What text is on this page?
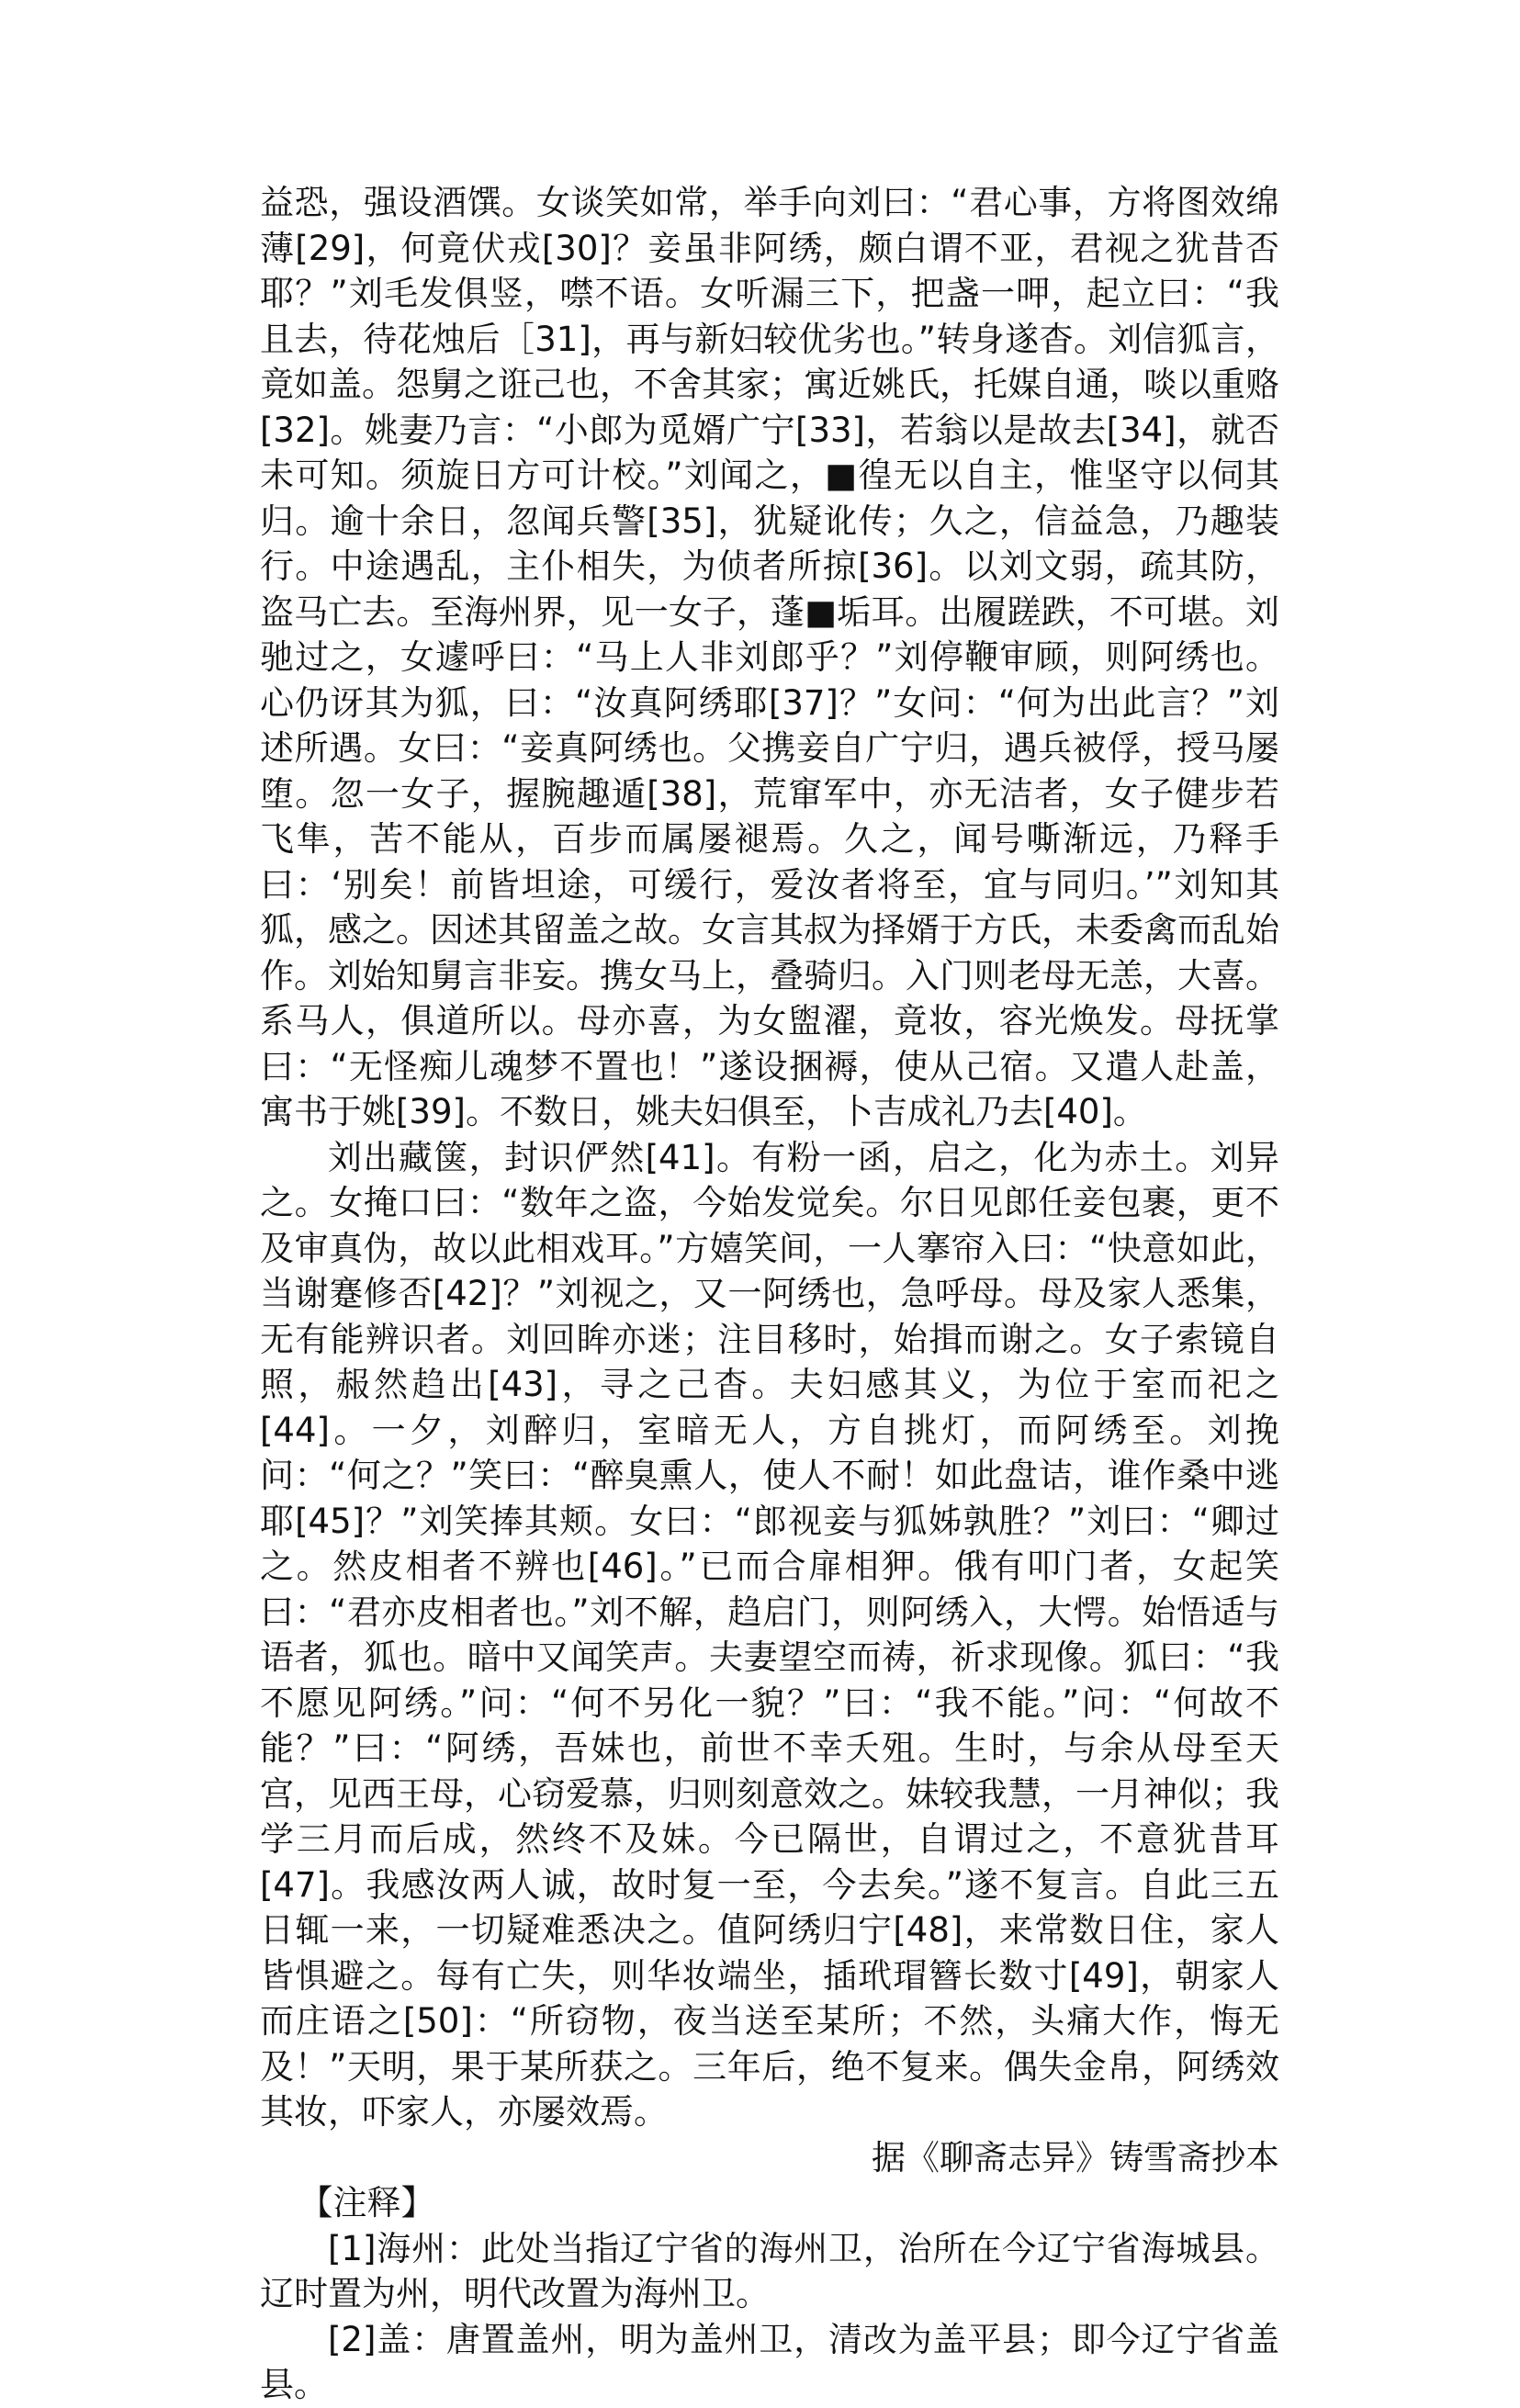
益恐，强设酒馔。女谈笑如常，举手向刘曰：“君心事，方将图效绵薄[29]，何竟伏戎[30]？妾虽非阿绣，颇白谓不亚，君视之犹昔否耶？”刘毛发俱竖，噤不语。女听漏三下，把盏一呷，起立曰：“我且去，待花烛后［31]，再与新妇较优劣也。”转身遂杳。刘信狐言，竟如盖。怨舅之诳己也，不舍其家；寓近姚氏，托媒自通，啖以重赂[32]。姚妻乃言：“小郎为觅婿广宁[33]，若翁以是故去[34]，就否未可知。须旋日方可计校。”刘闻之，■徨无以自主，惟坚守以伺其归。逾十余日，忽闻兵警[35]，犹疑讹传；久之，信益急，乃趣装行。中途遇乱，主仆相失，为侦者所掠[36]。以刘文弱，疏其防，盗马亡去。至海州界，见一女子，蓬■垢耳。出履蹉跌，不可堪。刘驰过之，女遽呼曰：“马上人非刘郎乎？”刘停鞭审顾，则阿绣也。心仍讶其为狐，曰：“汝真阿绣耶[37]？”女问：“何为出此言？”刘述所遇。女曰：“妾真阿绣也。父携妾自广宁归，遇兵被俘，授马屡堕。忽一女子，握腕趣遁[38]，荒窜军中，亦无洁者，女子健步若飞隼，苦不能从，百步而属屡褪焉。久之，闻号嘶渐远，乃释手曰：‘别矣！前皆坦途，可缓行，爱汝者将至，宜与同归。’”刘知其狐，感之。因述其留盖之故。女言其叔为择婿于方氏，未委禽而乱始作。刘始知舅言非妄。携女马上，叠骑归。入门则老母无恙，大喜。系马人，俱道所以。母亦喜，为女盥濯，竟妆，容光焕发。母抚掌曰：“无怪痴儿魂梦不置也！”遂设捆褥，使从己宿。又遣人赴盖，寓书于姚[39]。不数日，姚夫妇俱至，卜吉成礼乃去[40]。

刘出藏箧，封识俨然[41]。有粉一函，启之，化为赤土。刘异之。女掩口曰：“数年之盗，今始发觉矣。尔日见郎任妾包裹，更不及审真伪，故以此相戏耳。”方嬉笑间，一人搴帘入曰：“快意如此，当谢蹇修否[42]？”刘视之，又一阿绣也，急呼母。母及家人悉集，无有能辨识者。刘回眸亦迷；注目移时，始揖而谢之。女子索镜自照，赧然趋出[43]，寻之己杳。夫妇感其义，为位于室而祀之[44]。一夕，刘醉归，室暗无人，方自挑灯，而阿绣至。刘挽问：“何之？”笑曰：“醉臭熏人，使人不耐！如此盘诘，谁作桑中逃耶[45]？”刘笑捧其颊。女曰：“郎视妾与狐姊孰胜？”刘曰：“卿过之。然皮相者不辨也[46]。”已而合扉相狎。俄有叩门者，女起笑曰：“君亦皮相者也。”刘不解，趋启门，则阿绣入，大愕。始悟适与语者，狐也。暗中又闻笑声。夫妻望空而祷，祈求现像。狐曰：“我不愿见阿绣。”问：“何不另化一貌？”曰：“我不能。”问：“何故不能？”曰：“阿绣，吾妹也，前世不幸夭殂。生时，与余从母至天宫，见西王母，心窃爱慕，归则刻意效之。妹较我慧，一月神似；我学三月而后成，然终不及妹。今已隔世，自谓过之，不意犹昔耳[47]。我感汝两人诚，故时复一至，今去矣。”遂不复言。自此三五日辄一来，一切疑难悉决之。值阿绣归宁[48]，来常数日住，家人皆惧避之。每有亡失，则华妆端坐，插玳瑁簪长数寸[49]，朝家人而庄语之[50]：“所窃物，夜当送至某所；不然，头痛大作，悔无及！”天明，果于某所获之。三年后，绝不复来。偶失金帛，阿绣效其妆，吓家人，亦屡效焉。

据《聊斋志异》铸雪斋抄本

【注释】

[1]海州：此处当指辽宁省的海州卫，治所在今辽宁省海城县。辽时置为州，明代改置为海州卫。

[2]盖：唐置盖州，明为盖州卫，清改为盖平县；即今辽宁省盖县。
